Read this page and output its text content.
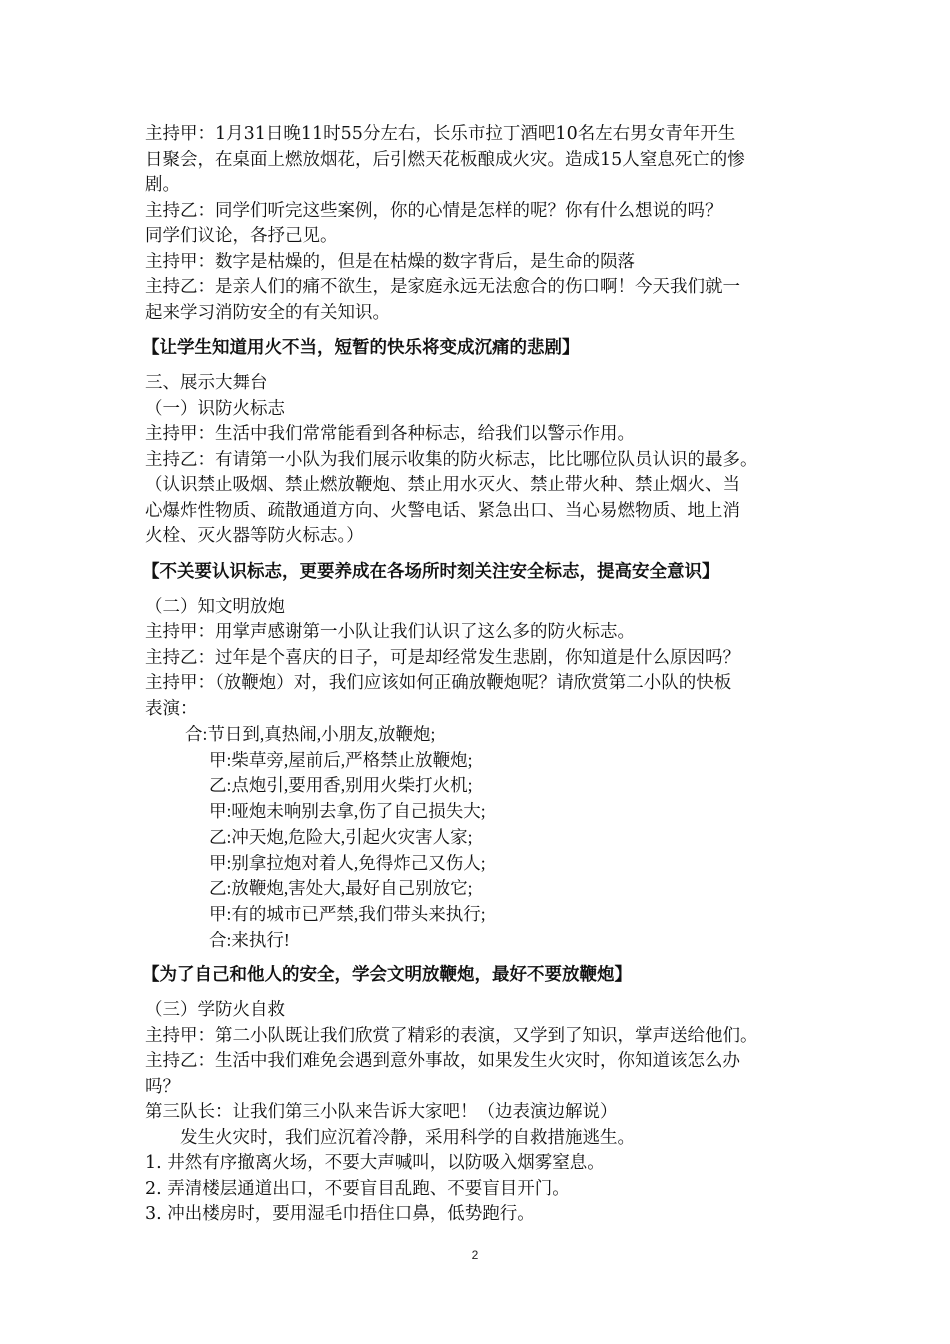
主持甲：1月31日晚11时55分左右，长乐市拉丁酒吧10名左右男女青年开生
日聚会，在桌面上燃放烟花，后引燃天花板酿成火灾。造成15人窒息死亡的惨
剧。
主持乙：同学们听完这些案例，你的心情是怎样的呢？你有什么想说的吗？
同学们议论，各抒己见。
主持甲：数字是枯燥的，但是在枯燥的数字背后，是生命的陨落
主持乙：是亲人们的痛不欲生，是家庭永远无法愈合的伤口啊！今天我们就一
起来学习消防安全的有关知识。
【让学生知道用火不当，短暂的快乐将变成沉痛的悲剧】
三、展示大舞台
（一）识防火标志
主持甲：生活中我们常常能看到各种标志，给我们以警示作用。
主持乙：有请第一小队为我们展示收集的防火标志，比比哪位队员认识的最多。
（认识禁止吸烟、禁止燃放鞭炮、禁止用水灭火、禁止带火种、禁止烟火、当
心爆炸性物质、疏散通道方向、火警电话、紧急出口、当心易燃物质、地上消
火栓、灭火器等防火标志。）
【不关要认识标志，更要养成在各场所时刻关注安全标志，提高安全意识】
（二）知文明放炮
主持甲：用掌声感谢第一小队让我们认识了这么多的防火标志。
主持乙：过年是个喜庆的日子，可是却经常发生悲剧，你知道是什么原因吗？
主持甲：（放鞭炮）对，我们应该如何正确放鞭炮呢？请欣赏第二小队的快板
表演：
合:节日到,真热闹,小朋友,放鞭炮;
甲:柴草旁,屋前后,严格禁止放鞭炮;
乙:点炮引,要用香,别用火柴打火机;
甲:哑炮未响别去拿,伤了自己损失大;
乙:冲天炮,危险大,引起火灾害人家;
甲:别拿拉炮对着人,免得炸己又伤人;
乙:放鞭炮,害处大,最好自己别放它;
甲:有的城市已严禁,我们带头来执行;
合:来执行!
【为了自己和他人的安全，学会文明放鞭炮，最好不要放鞭炮】
（三）学防火自救
主持甲：第二小队既让我们欣赏了精彩的表演，又学到了知识，掌声送给他们。
主持乙：生活中我们难免会遇到意外事故，如果发生火灾时，你知道该怎么办
吗？
第三队长：让我们第三小队来告诉大家吧！（边表演边解说）
发生火灾时，我们应沉着冷静，采用科学的自救措施逃生。
1. 井然有序撤离火场，不要大声喊叫，以防吸入烟雾窒息。
2. 弄清楼层通道出口，不要盲目乱跑、不要盲目开门。
3. 冲出楼房时，要用湿毛巾捂住口鼻，低势跑行。
2
